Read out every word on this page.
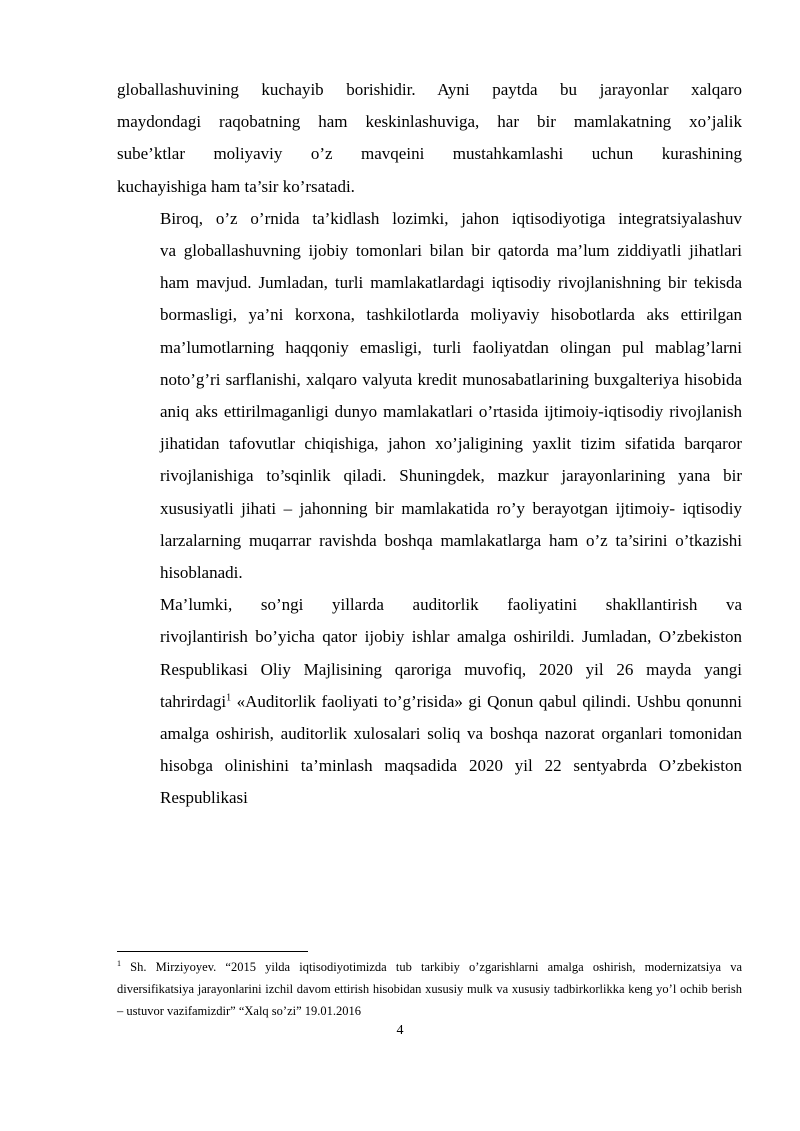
globallashuvining kuchayib borishidir. Ayni paytda bu jarayonlar xalqaro
maydondagi raqobatning ham keskinlashuviga, har bir mamlakatning xo’jalik
sube’ktlar moliyaviy o’z mavqeini mustahkamlashi uchun kurashining
kuchayishiga ham ta’sir ko’rsatadi.

Biroq, o’z o’rnida ta’kidlash lozimki, jahon iqtisodiyotiga integratsiyalashuv
va globallashuvning ijobiy tomonlari bilan bir qatorda ma’lum ziddiyatli jihatlari
ham mavjud. Jumladan, turli mamlakatlardagi iqtisodiy rivojlanishning bir tekisda
bormasligi, ya’ni korxona, tashkilotlarda moliyaviy hisobotlarda aks ettirilgan
ma’lumotlarning haqqoniy emasligi, turli faoliyatdan olingan pul mablag’larni
noto’g’ri sarflanishi, xalqaro valyuta kredit munosabatlarining buxgalteriya hisobida
aniq aks ettirilmaganligi dunyo mamlakatlari o’rtasida ijtimoiy-iqtisodiy rivojlanish
jihatidan tafovutlar chiqishiga, jahon xo’jaligining yaxlit tizim sifatida barqaror
rivojlanishiga to’sqinlik qiladi. Shuningdek, mazkur jarayonlarining yana bir
xususiyatli jihati – jahonning bir mamlakatida ro’y berayotgan ijtimoiy- iqtisodiy
larzalarning muqarrar ravishda boshqa mamlakatlarga ham o’z ta’sirini o’tkazishi
hisoblanadi.

Ma’lumki, so’ngi yillarda auditorlik faoliyatini shakllantirish va
rivojlantirish bo’yicha qator ijobiy ishlar amalga oshirildi. Jumladan, O’zbekiston
Respublikasi Oliy Majlisining qaroriga muvofiq, 2020 yil 26 mayda yangi
tahrirdagi$^1$ «Auditorlik faoliyati to’g’risida» gi Qonun qabul qilindi. Ushbu qonunni
amalga oshirish, auditorlik xulosalari soliq va boshqa nazorat organlari tomonidan
hisobga olinishini ta’minlash maqsadida 2020 yil 22 sentyabrda O’zbekiston
Respublikasi

$^1$ Sh. Mirziyoyev. “2015 yilda iqtisodiyotimizda tub tarkibiy o’zgarishlarni amalga oshirish, modernizatsiya va diversifikatsiya jarayonlarini izchil davom ettirish hisobidan xususiy mulk va xususiy tadbirkorlikka keng yo’l ochib berish – ustuvor vazifamizdir” “Xalq so’zi” 19.01.2016
4
